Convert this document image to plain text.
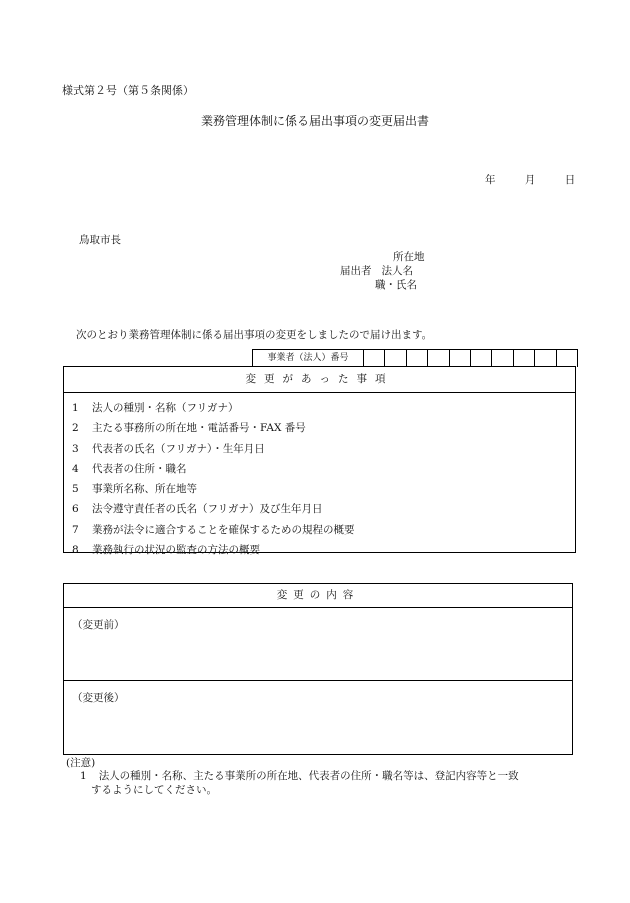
様式第２号（第５条関係）
業務管理体制に係る届出事項の変更届出書
年	月	日
鳥取市長
所在地
届出者 法人名
職・氏名
次のとおり業務管理体制に係る届出事項の変更をしましたので届け出ます。
事業者（法人）番号
変更があった事項
1 法人の種別・名称（フリガナ）
2 主たる事務所の所在地・電話番号・FAX 番号
3 代表者の氏名（フリガナ）・生年月日
4 代表者の住所・職名
5 事業所名称、所在地等
6 法令遵守責任者の氏名（フリガナ）及び生年月日
7 業務が法令に適合することを確保するための規程の概要
8 業務執行の状況の監査の方法の概要
変更の内容
（変更前）
（変更後）
(注意)
1 法人の種別・名称、主たる事業所の所在地、代表者の住所・職名等は、登記内容等と一致
するようにしてください。
